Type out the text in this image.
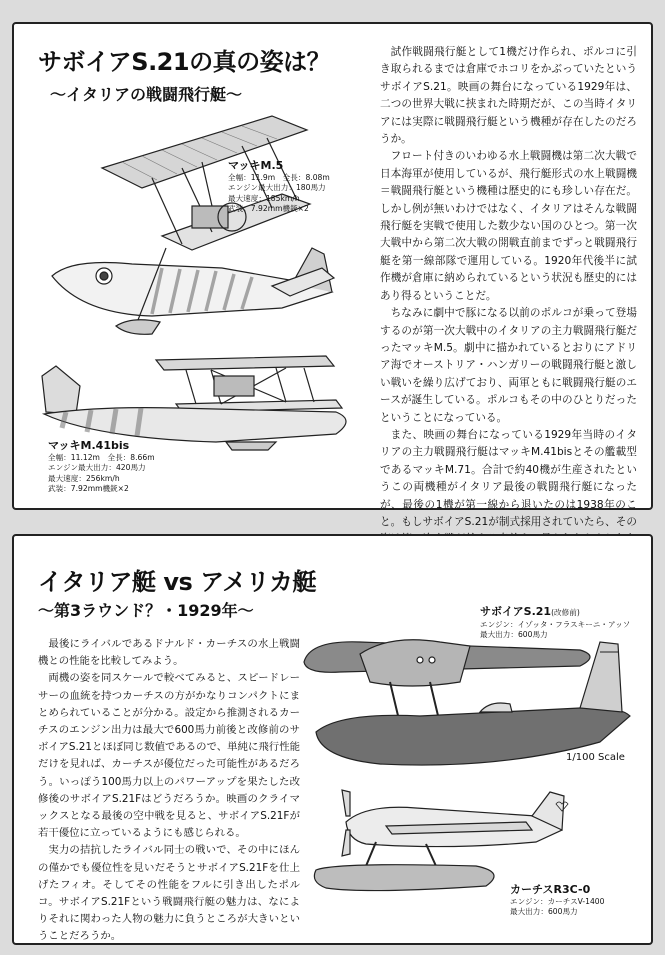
サボイアS.21の真の姿は？
〜イタリアの戦闘飛行艇〜

試作戦闘飛行艇として1機だけ作られ、ポルコに引き取られるまでは倉庫でホコリをかぶっていたというサボイアS.21。映画の舞台になっている1929年は、二つの世界大戦に挟まれた時期だが、この当時イタリアには実際に戦闘飛行艇という機種が存在したのだろうか。

フロート付きのいわゆる水上戦闘機は第二次大戦で日本海軍が使用しているが、飛行艇形式の水上戦闘機＝戦闘飛行艇という機種は歴史的にも珍しい存在だ。しかし例が無いわけではなく、イタリアはそんな戦闘飛行艇を実戦で使用した数少ない国のひとつ。第一次大戦中から第二次大戦の開戦直前までずっと戦闘飛行艇を第一線部隊で運用している。1920年代後半に試作機が倉庫に納められているという状況も歴史的にはあり得るということだ。

ちなみに劇中で豚になる以前のポルコが乗って登場するのが第一次大戦中のイタリアの主力戦闘飛行艇だったマッキM.5。劇中に描かれているとおりにアドリア海でオーストリア・ハンガリーの戦闘飛行艇と激しい戦いを繰り広げており、両軍ともに戦闘飛行艇のエースが誕生している。ポルコもその中のひとりだったということになっている。

また、映画の舞台になっている1929年当時のイタリアの主力戦闘飛行艇はマッキM.41bisとその艦載型であるマッキM.71。合計で約40機が生産されたというこの両機種がイタリア最後の戦闘飛行艇になったが、最後の1機が第一線から退いたのは1938年のこと。もしサボイアS.21が制式採用されていたら、その

マッキM.5
全幅：11.9m　全長：8.08m
エンジン最大出力：180馬力
最大速度：185km/h
武装：7.92mm機銃×2
マッキM.41bis
全幅：11.12m　全長：8.66m
エンジン最大出力：420馬力
最大速度：256km/h
武装：7.92mm機銃×2
イタリア艇 vs アメリカ艇
〜第3ラウンド？・1929年〜

最後にライバルであるドナルド・カーチスの水上戦闘機との性能を比較してみよう。

両機の姿を同スケールで較べてみると、スピードレーサーの血統を持つカーチスの方がかなりコンパクトにまとめられていることが分かる。設定から推測されるカーチスのエンジン出力は最大で600馬力前後と改修前のサボイアS.21とほぼ同じ数値であるので、単純に飛行性能だけを見れば、カーチスが優位だった可能性があるだろう。いっぽう100馬力以上のパワーアップを果たした改修後のサボイアS.21Fはどうだろうか。映画のクライマックスとなる最後の空中戦を見ると、サボイアS.21Fが若干優位に立っているようにも感じられる。

実力の拮抗したライバル同士の戦いで、その中にほんの僅かでも優位性を見いだそうとサボイアS.21Fを仕上げたフィオ。そしてその性能をフルに引き出したポルコ。サボイアS.21Fという戦闘飛行艇の魅力は、なによりそれに関わった人物の魅力に負うところが大きいということだろうか。

サボイアS.21(改修前)
エンジン：イゾッタ・フラスキーニ・アッソ
最大出力：600馬力
1/100 Scale
カーチスR3C-0
エンジン：カーチスV-1400
最大出力：600馬力
